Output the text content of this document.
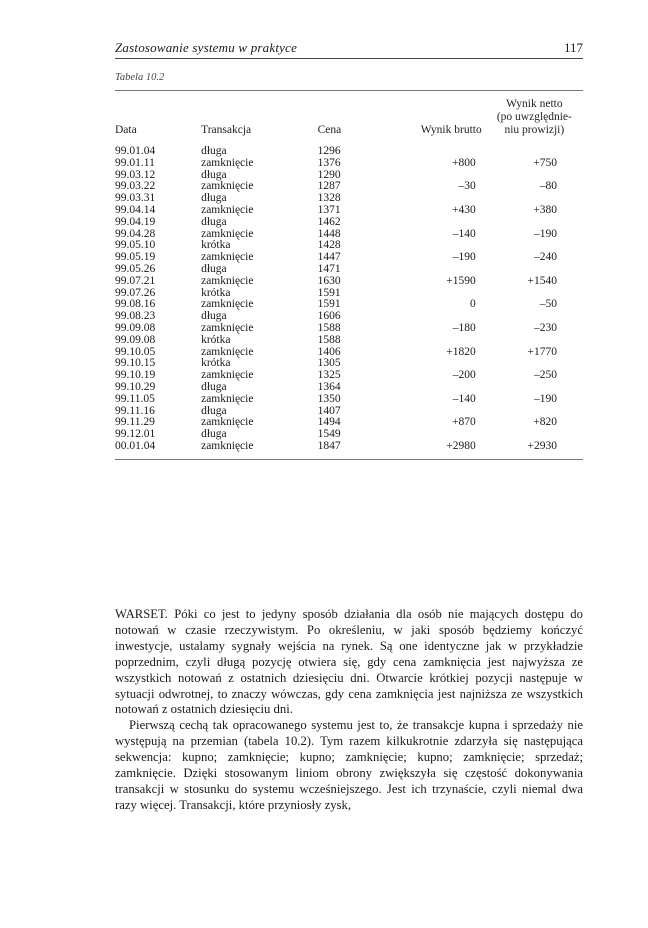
Zastosowanie systemu w praktyce	117
Tabela 10.2
Data	Transakcja	Cena	Wynik brutto	Wynik netto
(po uwzględnie-
niu prowizji)

99.01.04	długa	1296		
99.01.11	zamknięcie	1376	+800	+750
99.03.12	długa	1290		
99.03.22	zamknięcie	1287	–30	–80
99.03.31	długa	1328		
99.04.14	zamknięcie	1371	+430	+380
99.04.19	długa	1462		
99.04.28	zamknięcie	1448	–140	–190
99.05.10	krótka	1428		
99.05.19	zamknięcie	1447	–190	–240
99.05.26	długa	1471		
99.07.21	zamknięcie	1630	+1590	+1540
99.07.26	krótka	1591		
99.08.16	zamknięcie	1591	0	–50
99.08.23	długa	1606		
99.09.08	zamknięcie	1588	–180	–230
99.09.08	krótka	1588		
99.10.05	zamknięcie	1406	+1820	+1770
99.10.15	krótka	1305		
99.10.19	zamknięcie	1325	–200	–250
99.10.29	długa	1364		
99.11.05	zamknięcie	1350	–140	–190
99.11.16	długa	1407		
99.11.29	zamknięcie	1494	+870	+820
99.12.01	długa	1549		
00.01.04	zamknięcie	1847	+2980	+2930

WARSET. Póki co jest to jedyny sposób działania dla osób nie mających dostępu do notowań w czasie rzeczywistym. Po określeniu, w jaki sposób będziemy kończyć inwestycje, ustalamy sygnały wejścia na rynek. Są one identyczne jak w przykładzie poprzednim, czyli długą pozycję otwiera się, gdy cena zamknięcia jest najwyższa ze wszystkich notowań z ostatnich dziesięciu dni. Otwarcie krótkiej pozycji następuje w sytuacji odwrotnej, to znaczy wówczas, gdy cena zamknięcia jest najniższa ze wszystkich notowań z ostatnich dziesięciu dni.

Pierwszą cechą tak opracowanego systemu jest to, że transakcje kupna i sprzedaży nie występują na przemian (tabela 10.2). Tym razem kilkukrotnie zdarzyła się następująca sekwencja: kupno; zamknięcie; kupno; zamknięcie; kupno; zamknięcie; sprzedaż; zamknięcie. Dzięki stosowanym liniom obrony zwiększyła się częstość dokonywania transakcji w stosunku do systemu wcześniejszego. Jest ich trzynaście, czyli niemal dwa razy więcej. Transakcji, które przyniosły zysk,
